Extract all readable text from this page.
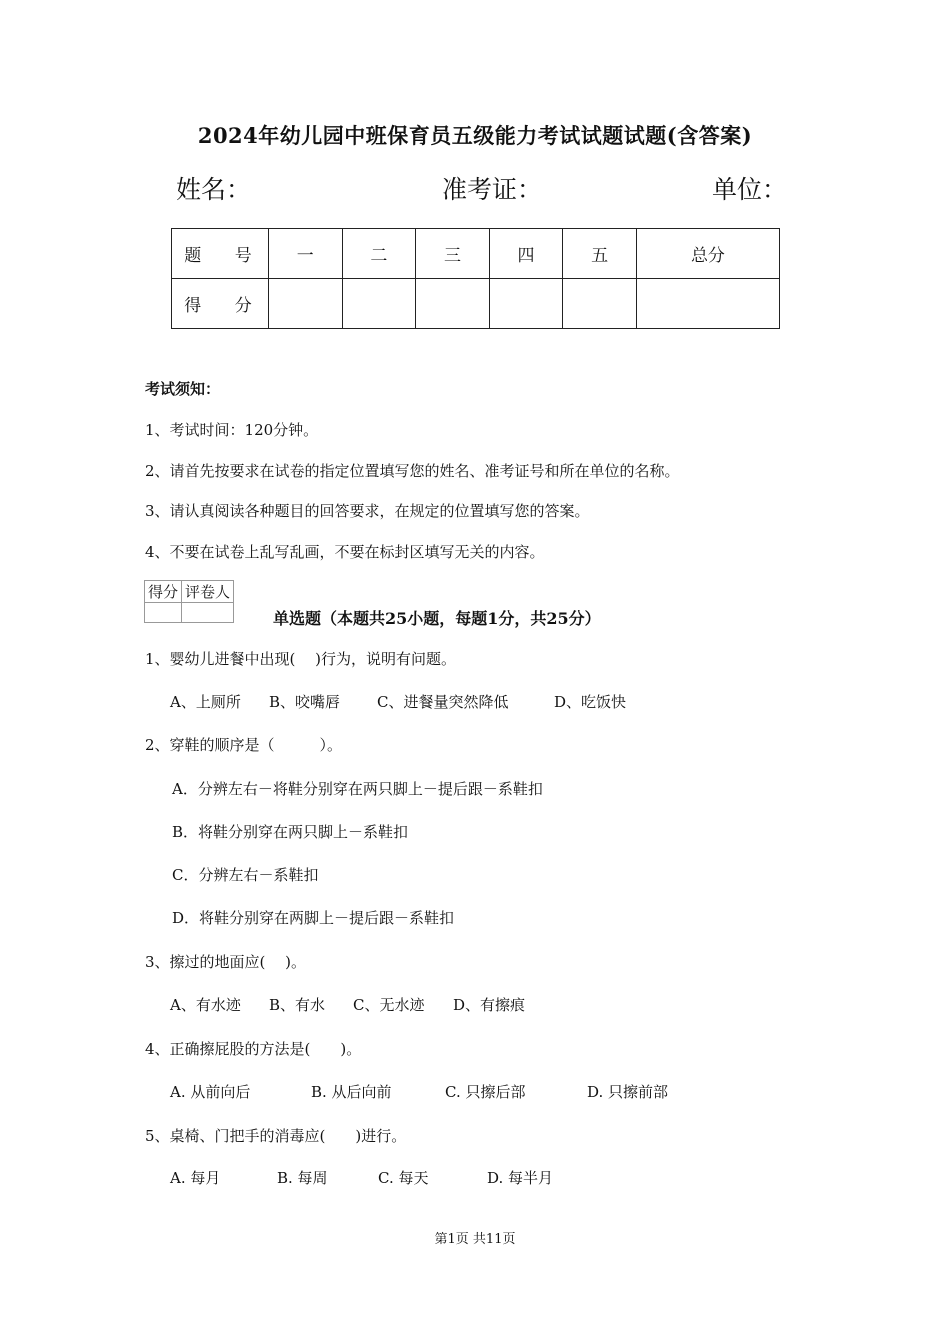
2024年幼儿园中班保育员五级能力考试试题试题(含答案)
姓名：	准考证：	单位：
题 号	一	二	三	四	五	总分
得 分						
考试须知：
1、考试时间：120分钟。
2、请首先按要求在试卷的指定位置填写您的姓名、准考证号和所在单位的名称。
3、请认真阅读各种题目的回答要求，在规定的位置填写您的答案。
4、不要在试卷上乱写乱画，不要在标封区填写无关的内容。
得分	评卷人

单选题（本题共25小题，每题1分，共25分）
1、婴幼儿进餐中出现(　 )行为，说明有问题。
A、上厕所 B、咬嘴唇 C、进餐量突然降低	D、吃饭快
2、穿鞋的顺序是（　　　）。
A．分辨左右－将鞋分别穿在两只脚上－提后跟－系鞋扣
B．将鞋分别穿在两只脚上－系鞋扣
C．分辨左右－系鞋扣
D．将鞋分别穿在两脚上－提后跟－系鞋扣
3、擦过的地面应(　 )。
A、有水迹 B、有水 C、无水迹 D、有擦痕
4、正确擦屁股的方法是(　　)。
A. 从前向后	B. 从后向前	C. 只擦后部	D. 只擦前部
5、桌椅、门把手的消毒应(　　)进行。
A. 每月	B. 每周	C. 每天	D. 每半月
第1页 共11页
